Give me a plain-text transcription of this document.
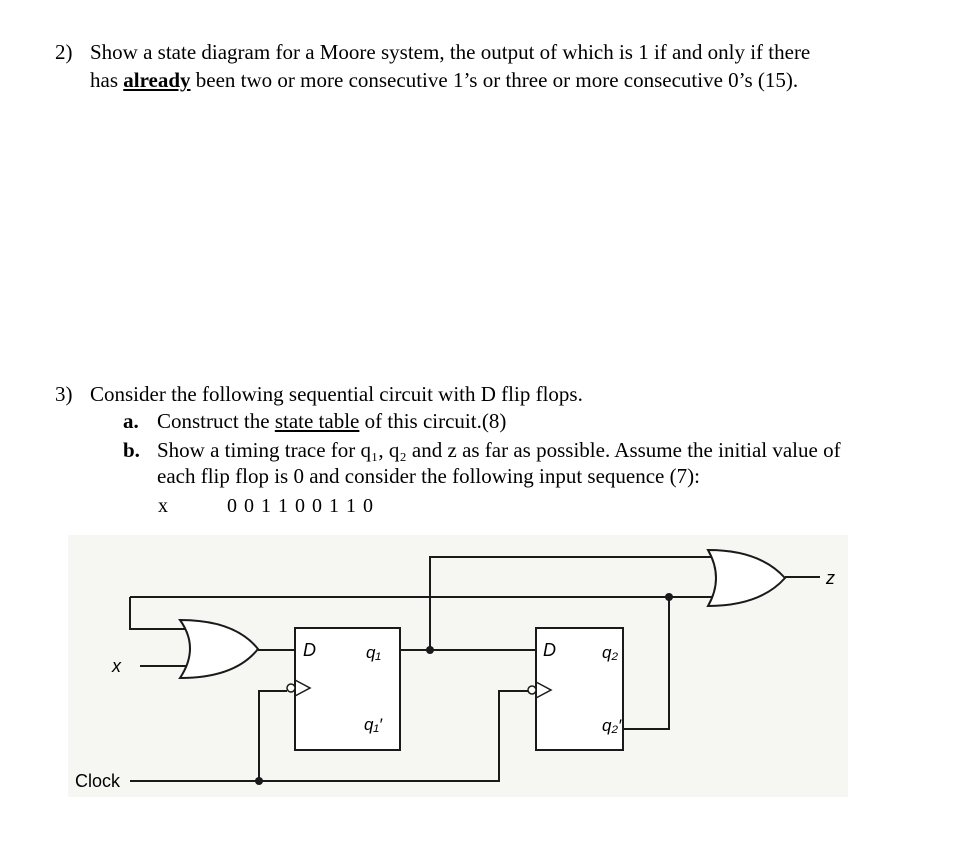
2) Show a state diagram for a Moore system, the output of which is 1 if and only if there
has already been two or more consecutive 1’s or three or more consecutive 0’s (15).
3) Consider the following sequential circuit with D flip flops.
a. Construct the state table of this circuit.(8)
b. Show a timing trace for q₁, q₂ and z as far as possible. Assume the initial value of
each flip flop is 0 and consider the following input sequence (7):
x	0 0 1 1 0 0 1 1 0
D	q₁
q₁′
D	q₂
q₂′
x
z
Clock
